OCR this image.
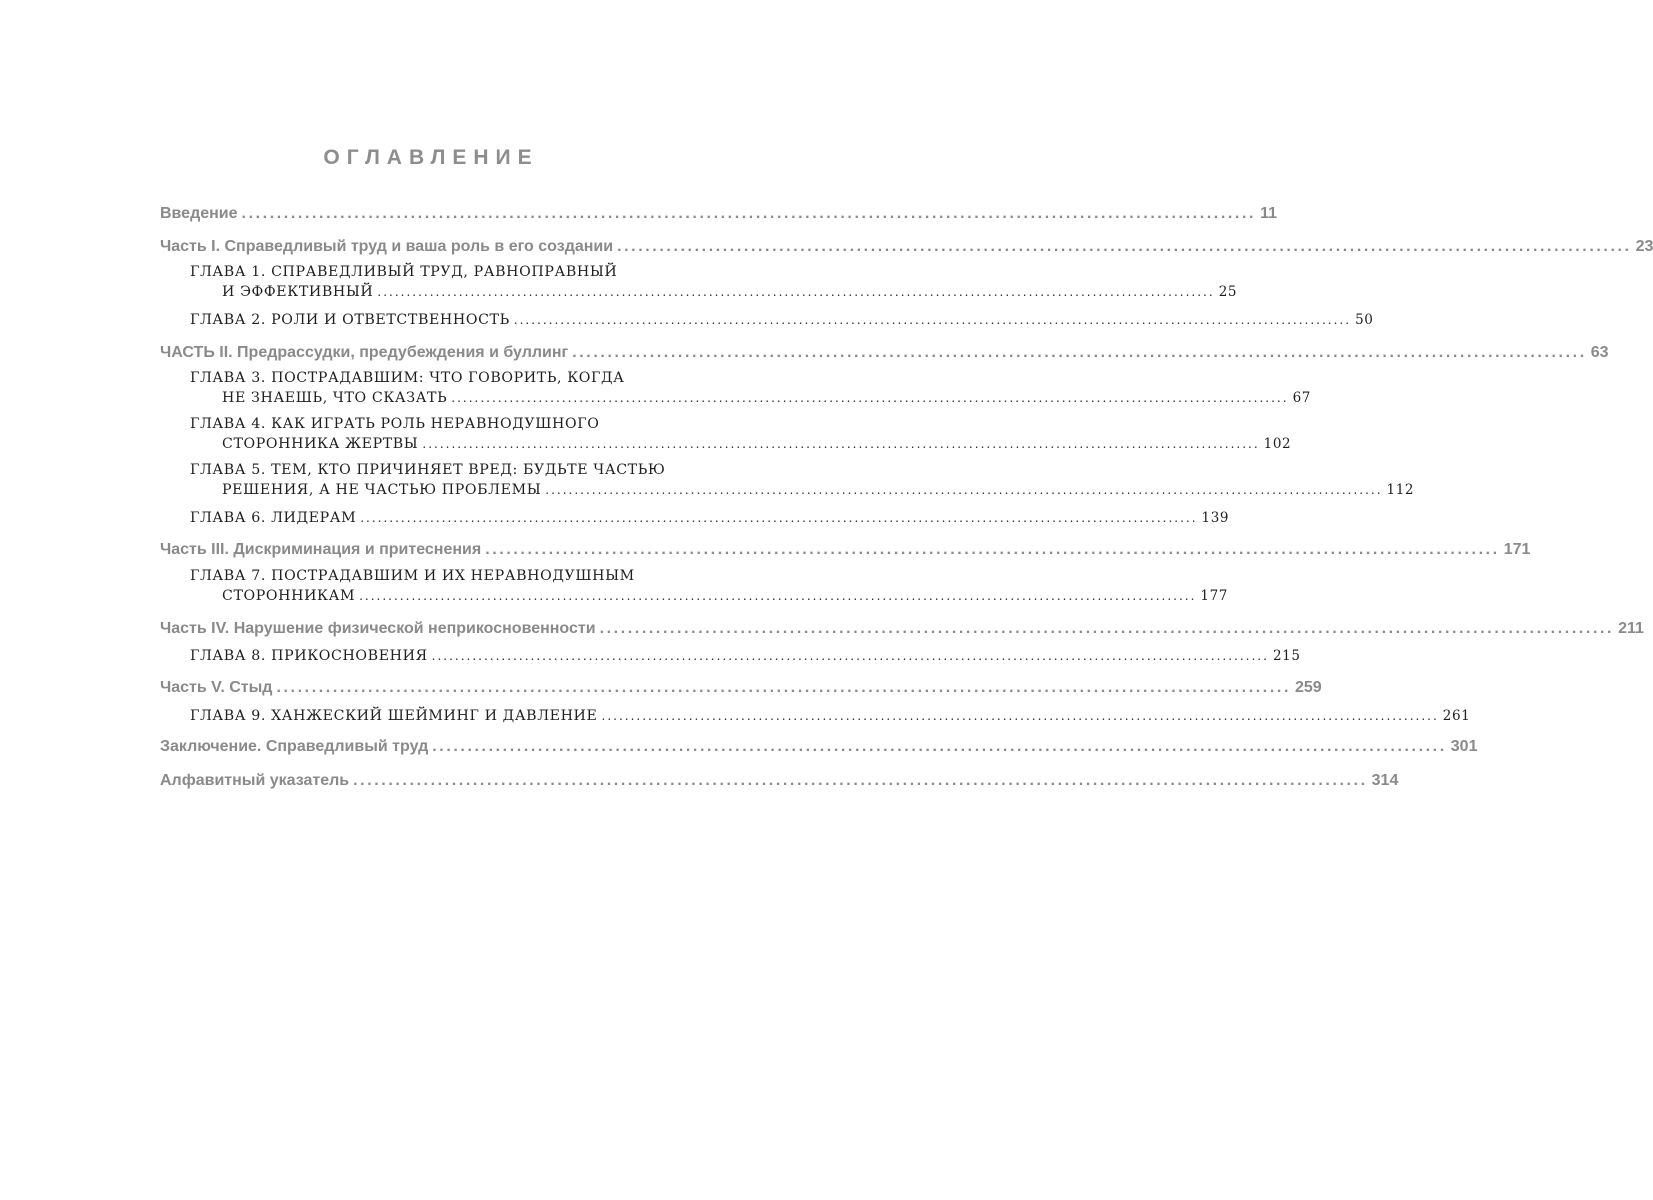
ОГЛАВЛЕНИЕ
Введение ................................................................................................................................................ 11
Часть I. Справедливый труд и ваша роль в его создании ................................................................................................................................................ 23
ГЛАВА 1. СПРАВЕДЛИВЫЙ ТРУД, РАВНОПРАВНЫЙ
И ЭФФЕКТИВНЫЙ ................................................................................................................................................ 25
ГЛАВА 2. РОЛИ И ОТВЕТСТВЕННОСТЬ ................................................................................................................................................ 50
ЧАСТЬ II. Предрассудки, предубеждения и буллинг ................................................................................................................................................ 63
ГЛАВА 3. ПОСТРАДАВШИМ: ЧТО ГОВОРИТЬ, КОГДА
НЕ ЗНАЕШЬ, ЧТО СКАЗАТЬ ................................................................................................................................................ 67
ГЛАВА 4. КАК ИГРАТЬ РОЛЬ НЕРАВНОДУШНОГО
СТОРОННИКА ЖЕРТВЫ ................................................................................................................................................ 102
ГЛАВА 5. ТЕМ, КТО ПРИЧИНЯЕТ ВРЕД: БУДЬТЕ ЧАСТЬЮ
РЕШЕНИЯ, А НЕ ЧАСТЬЮ ПРОБЛЕМЫ ................................................................................................................................................ 112
ГЛАВА 6. ЛИДЕРАМ ................................................................................................................................................ 139
Часть III. Дискриминация и притеснения ................................................................................................................................................ 171
ГЛАВА 7. ПОСТРАДАВШИМ И ИХ НЕРАВНОДУШНЫМ
СТОРОННИКАМ ................................................................................................................................................ 177
Часть IV. Нарушение физической неприкосновенности ................................................................................................................................................ 211
ГЛАВА 8. ПРИКОСНОВЕНИЯ ................................................................................................................................................ 215
Часть V. Стыд ................................................................................................................................................ 259
ГЛАВА 9. ХАНЖЕСКИЙ ШЕЙМИНГ И ДАВЛЕНИЕ ................................................................................................................................................ 261
Заключение. Справедливый труд ................................................................................................................................................ 301
Алфавитный указатель ................................................................................................................................................ 314
